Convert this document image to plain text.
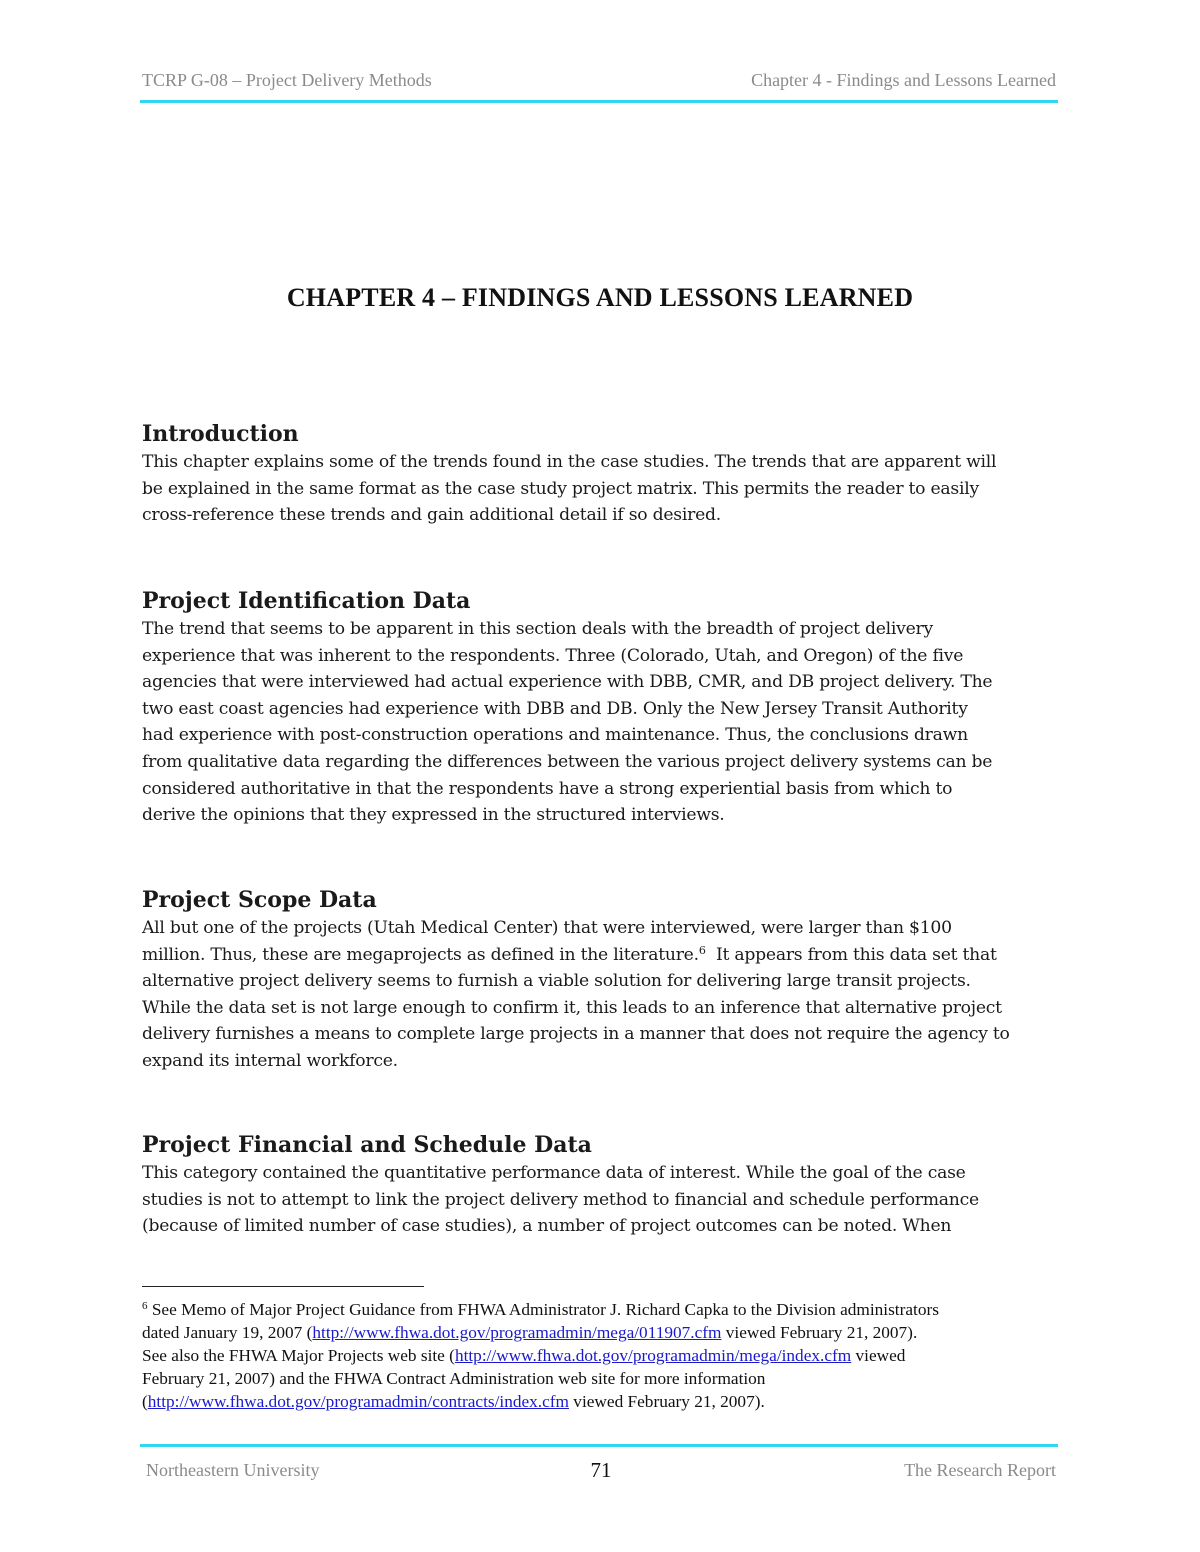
TCRP G-08 – Project Delivery Methods	Chapter 4 - Findings and Lessons Learned
CHAPTER 4 – FINDINGS AND LESSONS LEARNED
Introduction

This chapter explains some of the trends found in the case studies. The trends that are apparent will
be explained in the same format as the case study project matrix. This permits the reader to easily
cross-reference these trends and gain additional detail if so desired.

Project Identification Data

The trend that seems to be apparent in this section deals with the breadth of project delivery
experience that was inherent to the respondents. Three (Colorado, Utah, and Oregon) of the five
agencies that were interviewed had actual experience with DBB, CMR, and DB project delivery. The
two east coast agencies had experience with DBB and DB. Only the New Jersey Transit Authority
had experience with post-construction operations and maintenance. Thus, the conclusions drawn
from qualitative data regarding the differences between the various project delivery systems can be
considered authoritative in that the respondents have a strong experiential basis from which to
derive the opinions that they expressed in the structured interviews.

Project Scope Data

All but one of the projects (Utah Medical Center) that were interviewed, were larger than $100
million. Thus, these are megaprojects as defined in the literature.$^6$  It appears from this data set that
alternative project delivery seems to furnish a viable solution for delivering large transit projects.
While the data set is not large enough to confirm it, this leads to an inference that alternative project
delivery furnishes a means to complete large projects in a manner that does not require the agency to
expand its internal workforce.

Project Financial and Schedule Data

This category contained the quantitative performance data of interest. While the goal of the case
studies is not to attempt to link the project delivery method to financial and schedule performance
(because of limited number of case studies), a number of project outcomes can be noted. When

$^6$ See Memo of Major Project Guidance from FHWA Administrator J. Richard Capka to the Division administrators
dated January 19, 2007 (http://www.fhwa.dot.gov/programadmin/mega/011907.cfm viewed February 21, 2007).
See also the FHWA Major Projects web site (http://www.fhwa.dot.gov/programadmin/mega/index.cfm viewed
February 21, 2007) and the FHWA Contract Administration web site for more information
(http://www.fhwa.dot.gov/programadmin/contracts/index.cfm viewed February 21, 2007).
Northeastern University	71	The Research Report
